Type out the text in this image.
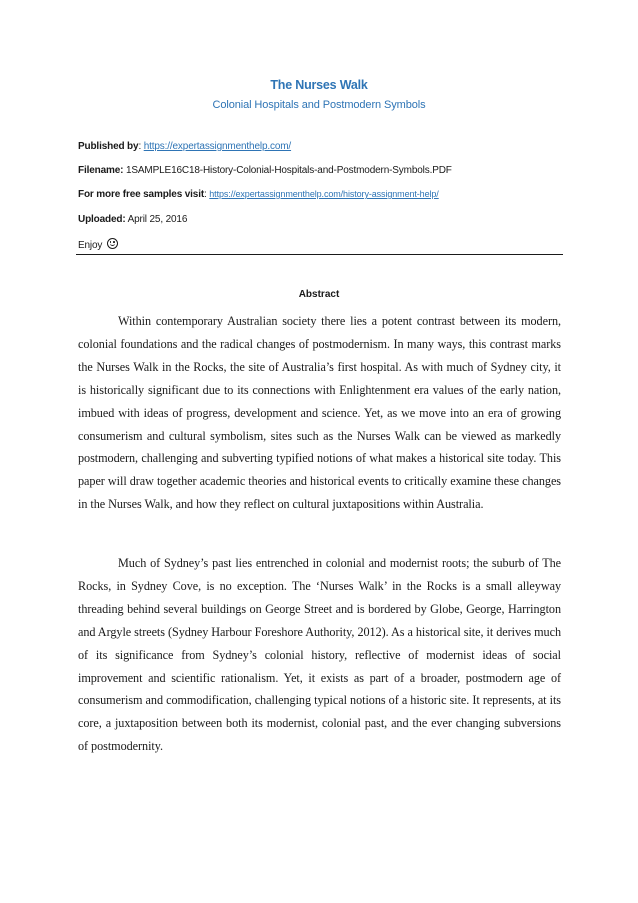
The Nurses Walk
Colonial Hospitals and Postmodern Symbols
Published by: https://expertassignmenthelp.com/
Filename: 1SAMPLE16C18-History-Colonial-Hospitals-and-Postmodern-Symbols.PDF
For more free samples visit: https://expertassignmenthelp.com/history-assignment-help/
Uploaded: April 25, 2016
Enjoy
Abstract
Within contemporary Australian society there lies a potent contrast between its modern, colonial foundations and the radical changes of postmodernism. In many ways, this contrast marks the Nurses Walk in the Rocks, the site of Australia’s first hospital. As with much of Sydney city, it is historically significant due to its connections with Enlightenment era values of the early nation, imbued with ideas of progress, development and science. Yet, as we move into an era of growing consumerism and cultural symbolism, sites such as the Nurses Walk can be viewed as markedly postmodern, challenging and subverting typified notions of what makes a historical site today. This paper will draw together academic theories and historical events to critically examine these changes in the Nurses Walk, and how they reflect on cultural juxtapositions within Australia.
Much of Sydney’s past lies entrenched in colonial and modernist roots; the suburb of The Rocks, in Sydney Cove, is no exception. The ‘Nurses Walk’ in the Rocks is a small alleyway threading behind several buildings on George Street and is bordered by Globe, George, Harrington and Argyle streets (Sydney Harbour Foreshore Authority, 2012). As a historical site, it derives much of its significance from Sydney’s colonial history, reflective of modernist ideas of social improvement and scientific rationalism. Yet, it exists as part of a broader, postmodern age of consumerism and commodification, challenging typical notions of a historic site. It represents, at its core, a juxtaposition between both its modernist, colonial past, and the ever changing subversions of postmodernity.
